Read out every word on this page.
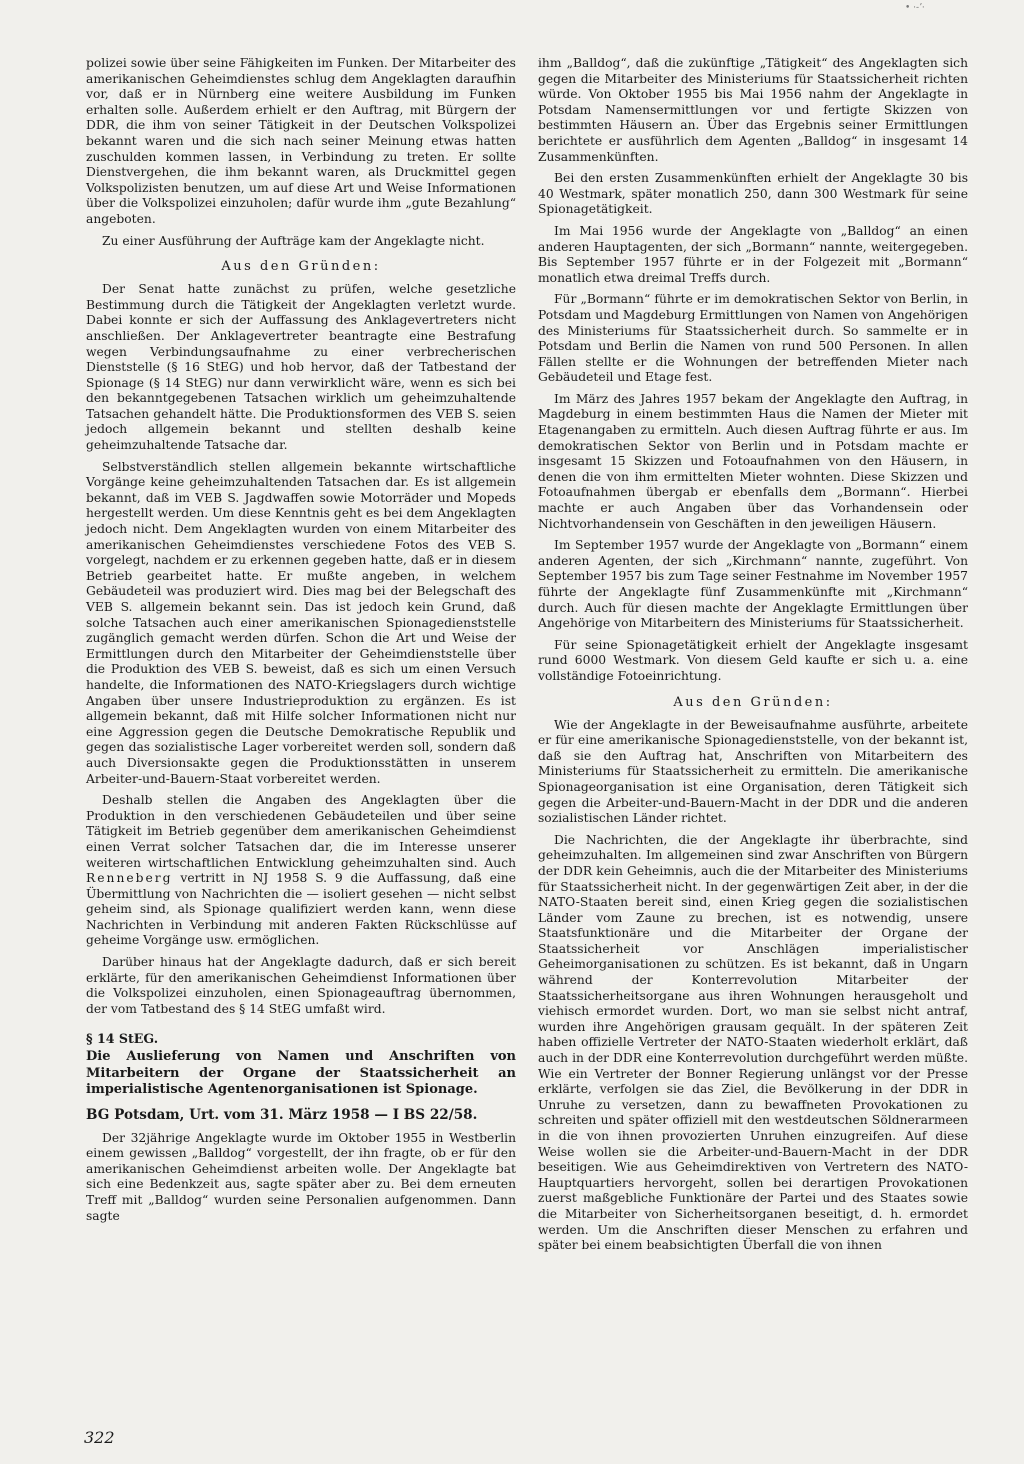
• ·-ʼ·

polizei sowie über seine Fähigkeiten im Funken. Der Mitarbeiter des amerikanischen Geheimdienstes schlug dem Angeklagten daraufhin vor, daß er in Nürnberg eine weitere Ausbildung im Funken erhalten solle. Außerdem erhielt er den Auftrag, mit Bürgern der DDR, die ihm von seiner Tätigkeit in der Deutschen Volkspolizei bekannt waren und die sich nach seiner Meinung etwas hatten zuschulden kommen lassen, in Verbindung zu treten. Er sollte Dienstvergehen, die ihm bekannt waren, als Druckmittel gegen Volkspolizisten benutzen, um auf diese Art und Weise Informationen über die Volkspolizei einzuholen; dafür wurde ihm „gute Bezahlung“ angeboten.

Zu einer Ausführung der Aufträge kam der Angeklagte nicht.

Aus den Gründen:

Der Senat hatte zunächst zu prüfen, welche gesetzliche Bestimmung durch die Tätigkeit der Angeklagten verletzt wurde. Dabei konnte er sich der Auffassung des Anklagevertreters nicht anschließen. Der Anklagevertreter beantragte eine Bestrafung wegen Verbindungsaufnahme zu einer verbrecherischen Dienststelle (§ 16 StEG) und hob hervor, daß der Tatbestand der Spionage (§ 14 StEG) nur dann verwirklicht wäre, wenn es sich bei den bekanntgegebenen Tatsachen wirklich um geheimzuhaltende Tatsachen gehandelt hätte. Die Produktionsformen des VEB S. seien jedoch allgemein bekannt und stellten deshalb keine geheimzuhaltende Tatsache dar.

Selbstverständlich stellen allgemein bekannte wirtschaftliche Vorgänge keine geheimzuhaltenden Tatsachen dar. Es ist allgemein bekannt, daß im VEB S. Jagdwaffen sowie Motorräder und Mopeds hergestellt werden. Um diese Kenntnis geht es bei dem Angeklagten jedoch nicht. Dem Angeklagten wurden von einem Mitarbeiter des amerikanischen Geheimdienstes verschiedene Fotos des VEB S. vorgelegt, nachdem er zu erkennen gegeben hatte, daß er in diesem Betrieb gearbeitet hatte. Er mußte angeben, in welchem Gebäudeteil was produziert wird. Dies mag bei der Belegschaft des VEB S. allgemein bekannt sein. Das ist jedoch kein Grund, daß solche Tatsachen auch einer amerikanischen Spionagedienststelle zugänglich gemacht werden dürfen. Schon die Art und Weise der Ermittlungen durch den Mitarbeiter der Geheimdienststelle über die Produktion des VEB S. beweist, daß es sich um einen Versuch handelte, die Informationen des NATO-Kriegslagers durch wichtige Angaben über unsere Industrieproduktion zu ergänzen. Es ist allgemein bekannt, daß mit Hilfe solcher Informationen nicht nur eine Aggression gegen die Deutsche Demokratische Republik und gegen das sozialistische Lager vorbereitet werden soll, sondern daß auch Diversionsakte gegen die Produktionsstätten in unserem Arbeiter-und-Bauern-Staat vorbereitet werden.

Deshalb stellen die Angaben des Angeklagten über die Produktion in den verschiedenen Gebäudeteilen und über seine Tätigkeit im Betrieb gegenüber dem amerikanischen Geheimdienst einen Verrat solcher Tatsachen dar, die im Interesse unserer weiteren wirtschaftlichen Entwicklung geheimzuhalten sind. Auch Renneberg vertritt in NJ 1958 S. 9 die Auffassung, daß eine Übermittlung von Nachrichten die — isoliert gesehen — nicht selbst geheim sind, als Spionage qualifiziert werden kann, wenn diese Nachrichten in Verbindung mit anderen Fakten Rückschlüsse auf geheime Vorgänge usw. ermöglichen.

Darüber hinaus hat der Angeklagte dadurch, daß er sich bereit erklärte, für den amerikanischen Geheimdienst Informationen über die Volkspolizei einzuholen, einen Spionageauftrag übernommen, der vom Tatbestand des § 14 StEG umfaßt wird.

§ 14 StEG.
Die Auslieferung von Namen und Anschriften von Mitarbeitern der Organe der Staatssicherheit an imperialistische Agentenorganisationen ist Spionage.
BG Potsdam, Urt. vom 31. März 1958 — I BS 22/58.

Der 32jährige Angeklagte wurde im Oktober 1955 in Westberlin einem gewissen „Balldog“ vorgestellt, der ihn fragte, ob er für den amerikanischen Geheimdienst arbeiten wolle. Der Angeklagte bat sich eine Bedenkzeit aus, sagte später aber zu. Bei dem erneuten Treff mit „Balldog“ wurden seine Personalien aufgenommen. Dann sagte

ihm „Balldog“, daß die zukünftige „Tätigkeit“ des Angeklagten sich gegen die Mitarbeiter des Ministeriums für Staatssicherheit richten würde. Von Oktober 1955 bis Mai 1956 nahm der Angeklagte in Potsdam Namensermittlungen vor und fertigte Skizzen von bestimmten Häusern an. Über das Ergebnis seiner Ermittlungen berichtete er ausführlich dem Agenten „Balldog“ in insgesamt 14 Zusammenkünften.

Bei den ersten Zusammenkünften erhielt der Angeklagte 30 bis 40 Westmark, später monatlich 250, dann 300 Westmark für seine Spionagetätigkeit.

Im Mai 1956 wurde der Angeklagte von „Balldog“ an einen anderen Hauptagenten, der sich „Bormann“ nannte, weitergegeben. Bis September 1957 führte er in der Folgezeit mit „Bormann“ monatlich etwa dreimal Treffs durch.

Für „Bormann“ führte er im demokratischen Sektor von Berlin, in Potsdam und Magdeburg Ermittlungen von Namen von Angehörigen des Ministeriums für Staatssicherheit durch. So sammelte er in Potsdam und Berlin die Namen von rund 500 Personen. In allen Fällen stellte er die Wohnungen der betreffenden Mieter nach Gebäudeteil und Etage fest.

Im März des Jahres 1957 bekam der Angeklagte den Auftrag, in Magdeburg in einem bestimmten Haus die Namen der Mieter mit Etagenangaben zu ermitteln. Auch diesen Auftrag führte er aus. Im demokratischen Sektor von Berlin und in Potsdam machte er insgesamt 15 Skizzen und Fotoaufnahmen von den Häusern, in denen die von ihm ermittelten Mieter wohnten. Diese Skizzen und Fotoaufnahmen übergab er ebenfalls dem „Bormann“. Hierbei machte er auch Angaben über das Vorhandensein oder Nichtvorhandensein von Geschäften in den jeweiligen Häusern.

Im September 1957 wurde der Angeklagte von „Bormann“ einem anderen Agenten, der sich „Kirchmann“ nannte, zugeführt. Von September 1957 bis zum Tage seiner Festnahme im November 1957 führte der Angeklagte fünf Zusammenkünfte mit „Kirchmann“ durch. Auch für diesen machte der Angeklagte Ermittlungen über Angehörige von Mitarbeitern des Ministeriums für Staatssicherheit.

Für seine Spionagetätigkeit erhielt der Angeklagte insgesamt rund 6000 Westmark. Von diesem Geld kaufte er sich u. a. eine vollständige Fotoeinrichtung.

Aus den Gründen:

Wie der Angeklagte in der Beweisaufnahme ausführte, arbeitete er für eine amerikanische Spionagedienststelle, von der bekannt ist, daß sie den Auftrag hat, Anschriften von Mitarbeitern des Ministeriums für Staatssicherheit zu ermitteln. Die amerikanische Spionageorganisation ist eine Organisation, deren Tätigkeit sich gegen die Arbeiter-und-Bauern-Macht in der DDR und die anderen sozialistischen Länder richtet.

Die Nachrichten, die der Angeklagte ihr überbrachte, sind geheimzuhalten. Im allgemeinen sind zwar Anschriften von Bürgern der DDR kein Geheimnis, auch die der Mitarbeiter des Ministeriums für Staatssicherheit nicht. In der gegenwärtigen Zeit aber, in der die NATO-Staaten bereit sind, einen Krieg gegen die sozialistischen Länder vom Zaune zu brechen, ist es notwendig, unsere Staatsfunktionäre und die Mitarbeiter der Organe der Staatssicherheit vor Anschlägen imperialistischer Geheimorganisationen zu schützen. Es ist bekannt, daß in Ungarn während der Konterrevolution Mitarbeiter der Staatssicherheitsorgane aus ihren Wohnungen herausgeholt und viehisch ermordet wurden. Dort, wo man sie selbst nicht antraf, wurden ihre Angehörigen grausam gequält. In der späteren Zeit haben offizielle Vertreter der NATO-Staaten wiederholt erklärt, daß auch in der DDR eine Konterrevolution durchgeführt werden müßte. Wie ein Vertreter der Bonner Regierung unlängst vor der Presse erklärte, verfolgen sie das Ziel, die Bevölkerung in der DDR in Unruhe zu versetzen, dann zu bewaffneten Provokationen zu schreiten und später offiziell mit den westdeutschen Söldnerarmeen in die von ihnen provozierten Unruhen einzugreifen. Auf diese Weise wollen sie die Arbeiter-und-Bauern-Macht in der DDR beseitigen. Wie aus Geheimdirektiven von Vertretern des NATO-Hauptquartiers hervorgeht, sollen bei derartigen Provokationen zuerst maßgebliche Funktionäre der Partei und des Staates sowie die Mitarbeiter von Sicherheitsorganen beseitigt, d. h. ermordet werden. Um die Anschriften dieser Menschen zu erfahren und später bei einem beabsichtigten Überfall die von ihnen

322
